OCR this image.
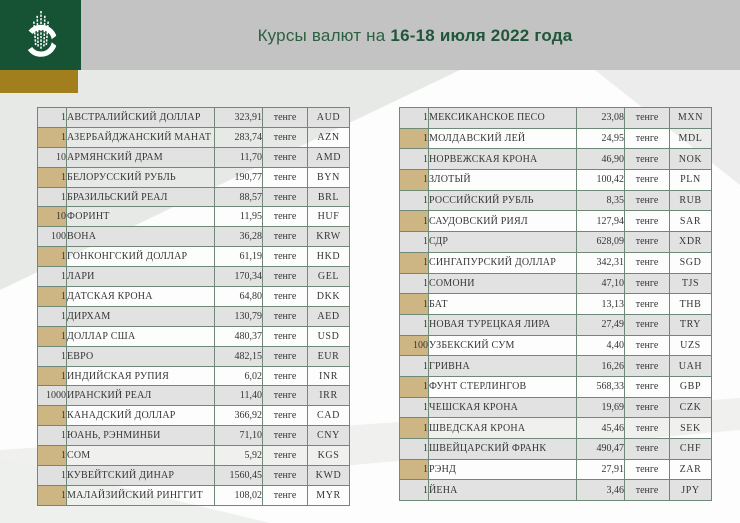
Курсы валют на 16-18 июля 2022 года
1	АВСТРАЛИЙСКИЙ ДОЛЛАР	323,91	тенге	AUD
1	АЗЕРБАЙДЖАНСКИЙ МАНАТ	283,74	тенге	AZN
10	АРМЯНСКИЙ ДРАМ	11,70	тенге	AMD
1	БЕЛОРУССКИЙ РУБЛЬ	190,77	тенге	BYN
1	БРАЗИЛЬСКИЙ РЕАЛ	88,57	тенге	BRL
10	ФОРИНТ	11,95	тенге	HUF
100	ВОНА	36,28	тенге	KRW
1	ГОНКОНГСКИЙ ДОЛЛАР	61,19	тенге	HKD
1	ЛАРИ	170,34	тенге	GEL
1	ДАТСКАЯ КРОНА	64,80	тенге	DKK
1	ДИРХАМ	130,79	тенге	AED
1	ДОЛЛАР США	480,37	тенге	USD
1	ЕВРО	482,15	тенге	EUR
1	ИНДИЙСКАЯ РУПИЯ	6,02	тенге	INR
1000	ИРАНСКИЙ РЕАЛ	11,40	тенге	IRR
1	КАНАДСКИЙ ДОЛЛАР	366,92	тенге	CAD
1	ЮАНЬ, РЭНМИНБИ	71,10	тенге	CNY
1	СОМ	5,92	тенге	KGS
1	КУВЕЙТСКИЙ ДИНАР	1560,45	тенге	KWD
1	МАЛАЙЗИЙСКИЙ РИНГГИТ	108,02	тенге	MYR
1	МЕКСИКАНСКОЕ ПЕСО	23,08	тенге	MXN
1	МОЛДАВСКИЙ ЛЕЙ	24,95	тенге	MDL
1	НОРВЕЖСКАЯ КРОНА	46,90	тенге	NOK
1	ЗЛОТЫЙ	100,42	тенге	PLN
1	РОССИЙСКИЙ РУБЛЬ	8,35	тенге	RUB
1	САУДОВСКИЙ РИЯЛ	127,94	тенге	SAR
1	СДР	628,09	тенге	XDR
1	СИНГАПУРСКИЙ ДОЛЛАР	342,31	тенге	SGD
1	СОМОНИ	47,10	тенге	TJS
1	БАТ	13,13	тенге	THB
1	НОВАЯ ТУРЕЦКАЯ ЛИРА	27,49	тенге	TRY
100	УЗБЕКСКИЙ СУМ	4,40	тенге	UZS
1	ГРИВНА	16,26	тенге	UAH
1	ФУНТ СТЕРЛИНГОВ	568,33	тенге	GBP
1	ЧЕШСКАЯ КРОНА	19,69	тенге	CZK
1	ШВЕДСКАЯ КРОНА	45,46	тенге	SEK
1	ШВЕЙЦАРСКИЙ ФРАНК	490,47	тенге	CHF
1	РЭНД	27,91	тенге	ZAR
1	ЙЕНА	3,46	тенге	JPY
